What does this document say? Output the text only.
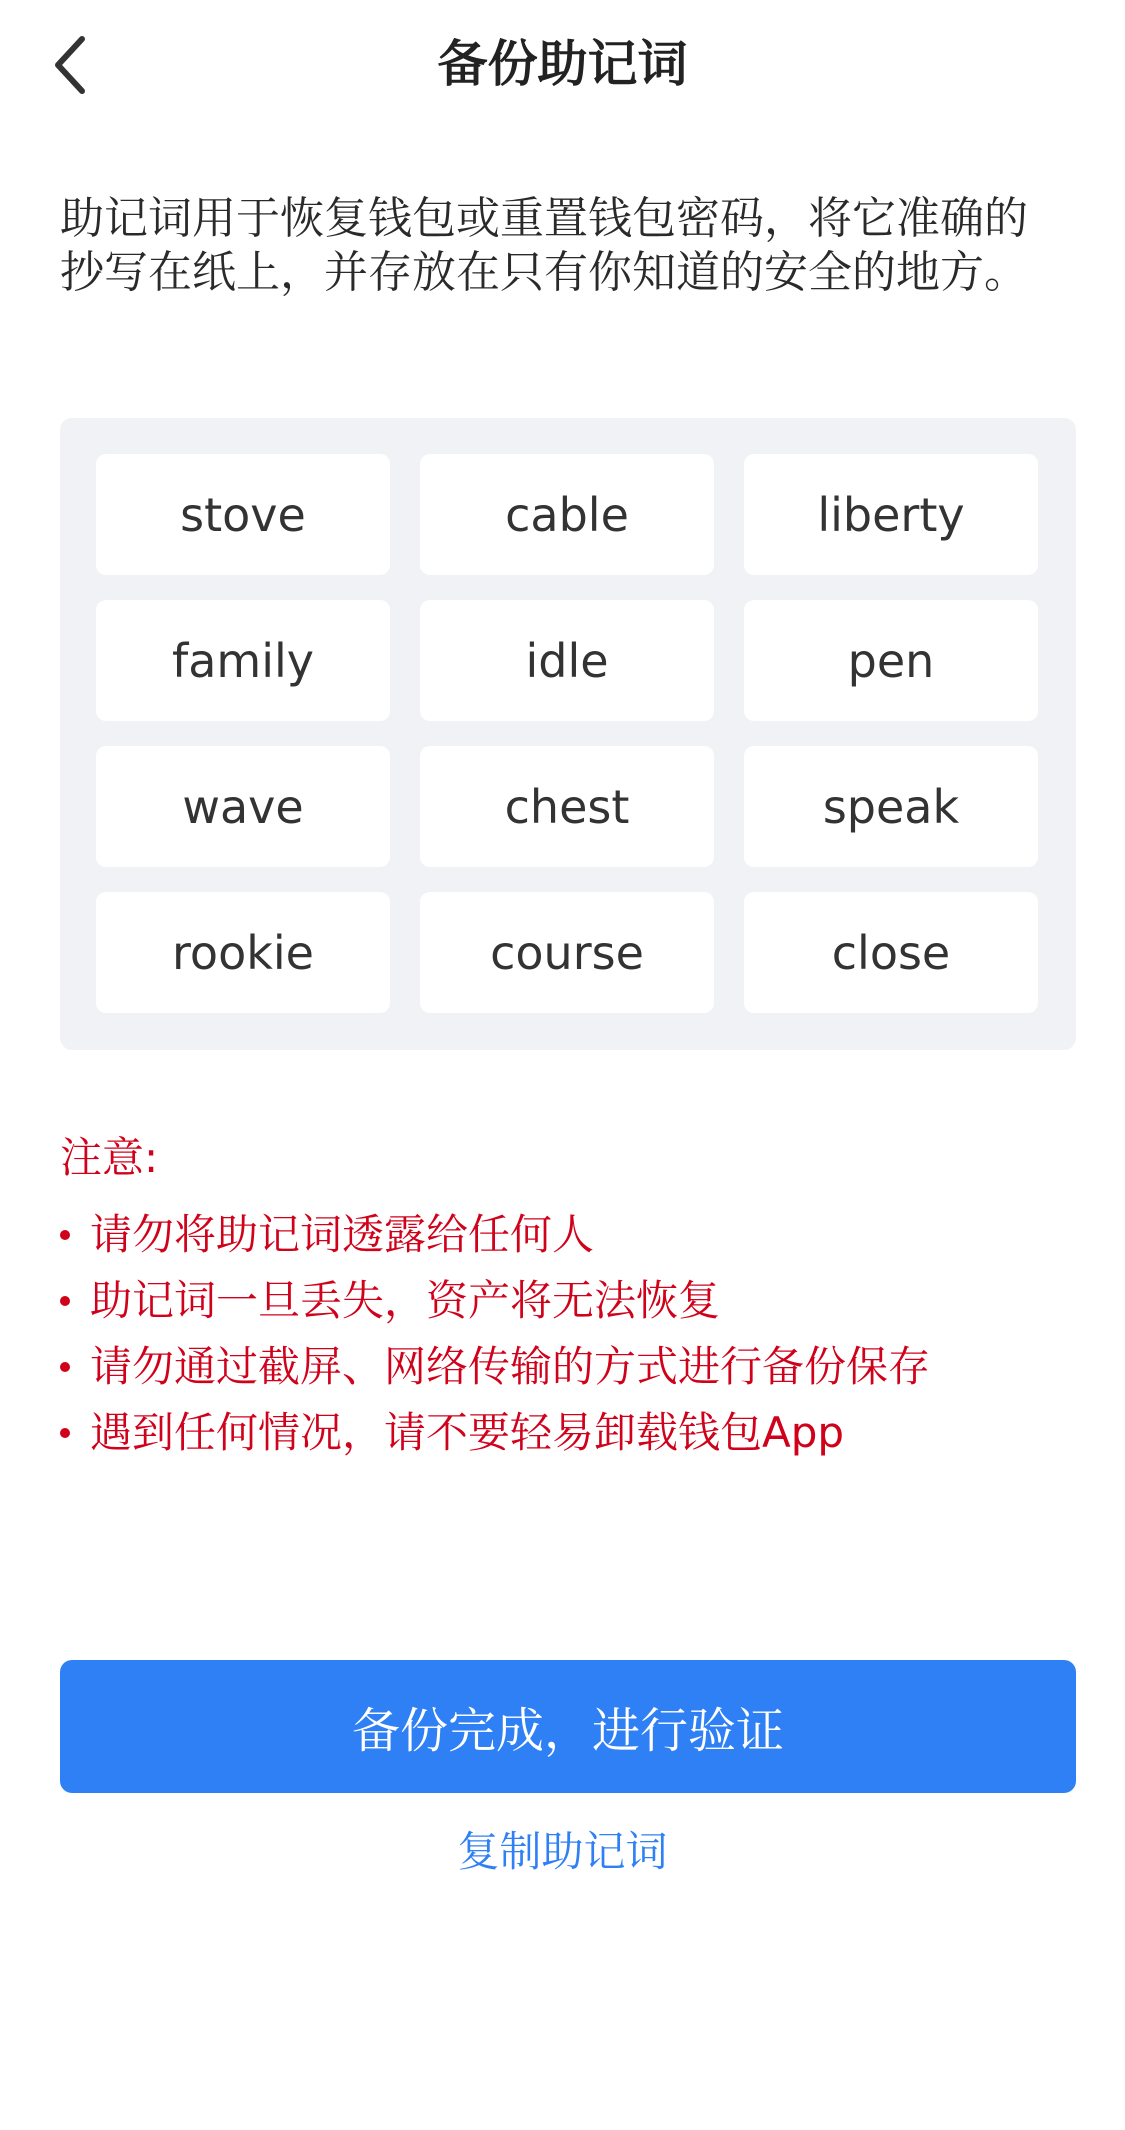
备份助记词
助记词用于恢复钱包或重置钱包密码，将它准确的抄写在纸上，并存放在只有你知道的安全的地方。
stove	cable	liberty
family	idle	pen
wave	chest	speak
rookie	course	close
注意:
请勿将助记词透露给任何人
助记词一旦丢失，资产将无法恢复
请勿通过截屏、网络传输的方式进行备份保存
遇到任何情况，请不要轻易卸载钱包App
备份完成，进行验证
复制助记词
